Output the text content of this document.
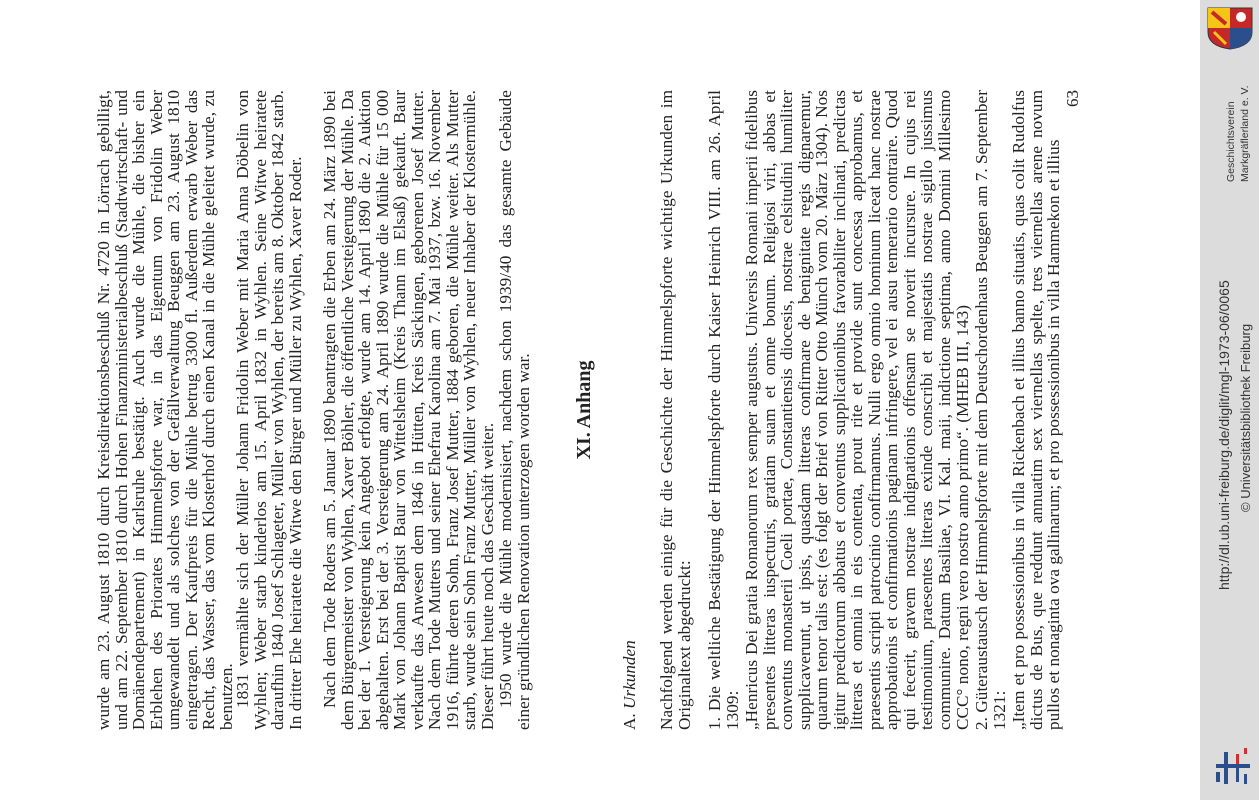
wurde am 23. August 1810 durch Kreisdirektionsbeschluß Nr. 4720 in Lörrach gebilligt, und am 22. September 1810 durch Hohen Finanzministerialbeschluß (Stadtwirtschaft- und Domänendepartement) in Karlsruhe bestätigt. Auch wurde die Mühle, die bisher ein Erblehen des Priorates Himmelspforte war, in das Eigentum von Fridolin Weber umgewandelt und als solches von der Gefällverwaltung Beuggen am 23. August 1810 eingetragen. Der Kaufpreis für die Mühle betrug 3300 fl. Außerdem erwarb Weber das Recht, das Wasser, das vom Klosterhof durch einen Kanal in die Mühle geleitet wurde, zu benutzen.

1831 vermählte sich der Müller Johann Fridolin Weber mit Maria Anna Döbelin von Wyhlen; Weber starb kinderlos am 15. April 1832 in Wyhlen. Seine Witwe heiratete daraufhin 1840 Josef Schlageter, Müller von Wyhlen, der bereits am 8. Oktober 1842 starb. In dritter Ehe heiratete die Witwe den Bürger und Müller zu Wyhlen, Xaver Roder. Nach dem Tode Roders am 5. Januar 1890 beantragten die Erben am 24. März 1890 bei dem Bürgermeister von Wyhlen, Xaver Böhler, die öffentliche Versteigerung der Mühle. Da bei der 1. Versteigerung kein Angebot erfolgte, wurde am 14. April 1890 die 2. Auktion abgehalten. Erst bei der 3. Versteigerung am 24. April 1890 wurde die Mühle für 15 000 Mark von Johann Baptist Baur von Wittelsheim (Kreis Thann im Elsaß) gekauft. Baur verkaufte das Anwesen dem 1846 in Hütten, Kreis Säckingen, geborenen Josef Mutter. Nach dem Tode Mutters und seiner Ehefrau Karolina am 7. Mai 1937, bzw. 16. November 1916, führte deren Sohn, Franz Josef Mutter, 1884 geboren, die Mühle weiter. Als Mutter starb, wurde sein Sohn Franz Mutter, Müller von Wyhlen, neuer Inhaber der Klostermühle. Dieser führt heute noch das Geschäft weiter. 1950 wurde die Mühle modernisiert, nachdem schon 1939/40 das gesamte Gebäude einer gründlichen Renovation unterzogen worden war. XI. Anhang
A. Urkunden Nachfolgend werden einige für die Geschichte der Himmelspforte wichtige Urkunden im Originaltext abgedruckt: 1. Die weltliche Bestätigung der Himmelspforte durch Kaiser Heinrich VIII. am 26. April 1309: „Henricus Dei gratia Romanorum rex semper augustus. Universis Romani imperii fidelibus presentes litteras iuspecturis, gratiam suam et omne bonum. Religiosi viri, abbas et conventus monasterii Coeli portae, Constantiensis diocesis, nostrae celsitudini humiliter supplicaverunt, ut ipsis, quasdam litteras confirmare de benignitate regis dignaremur, quarum tenor talis est: (es folgt der Brief von Ritter Otto Münch vom 20. März 1304). Nos igitur predictorum abbatus et conventus supplicationibus favorabiliter inclinati, predictas litteras et omnia in eis contenta, prout rite et provide sunt concessa approbamus, et praesentis scripti patrocinio confirmamus. Nulli ergo omnio hominum liceat hanc nostrae approbationis et confirmationis paginam infringere, vel ei ausu temerario contraire. Quod qui fecerit, gravem nostrae indignationis offensam se noverit incursure. In cujus rei testimonium, praesentes litteras exinde conscribi et majestatis nostrae sigillo jussimus communire. Datum Basiliae, VI. Kal. maii, indictione septima, anno Domini Millesimo CCC° nono, regni vero nostro anno primo“. (MHEB III, 143) 2. Güteraustausch der Himmelspforte mit dem Deutschordenhaus Beuggen am 7. September 1321: „Item et pro possessionibus in villa Rickenbach et illius banno situatis, quas colit Rudolfus dictus de Bus, que reddunt annuatim sex viernellas spelte, tres viernellas arene novum pullos et nonaginta ova gallinarum; et pro possessionibus in villa Hammekon et illius

63
Geschichtsverein Markgräflerland e. V.
http://dl.ub.uni-freiburg.de/diglit/mgl-1973-06/0065 © Universitätsbibliothek Freiburg
